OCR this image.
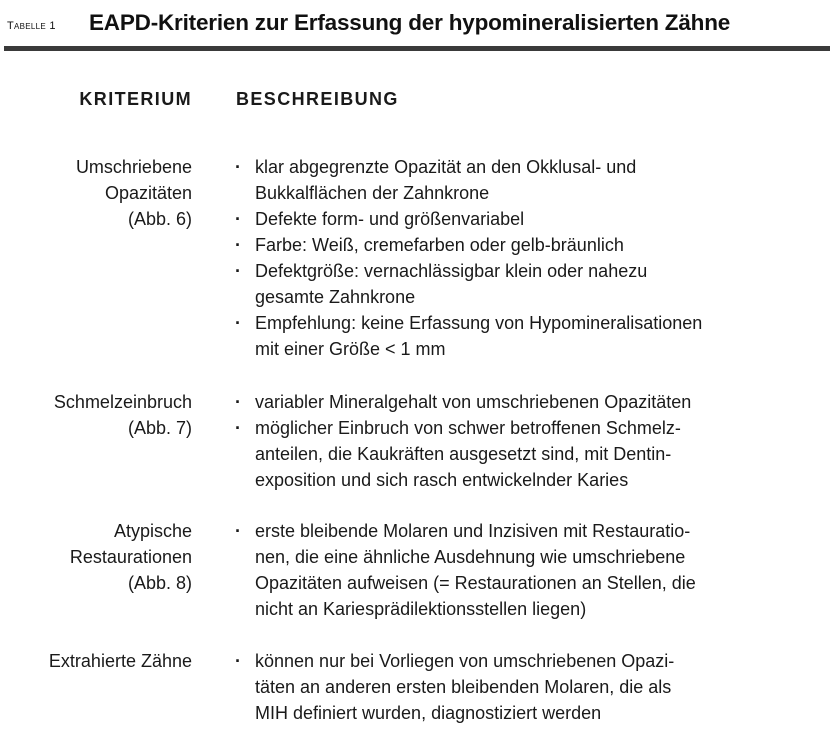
Tabelle 1 EAPD-Kriterien zur Erfassung der hypomineralisierten Zähne
KRITERIUM BESCHREIBUNG
Umschriebene
Opazitäten
(Abb. 6)
· klar abgegrenzte Opazität an den Okklusal- und
Bukkalflächen der Zahnkrone
· Defekte form- und größenvariabel
· Farbe: Weiß, cremefarben oder gelb-bräunlich
· Defektgröße: vernachlässigbar klein oder nahezu
gesamte Zahnkrone
· Empfehlung: keine Erfassung von Hypomineralisationen
mit einer Größe < 1 mm
Schmelzeinbruch
(Abb. 7)
· variabler Mineralgehalt von umschriebenen Opazitäten
· möglicher Einbruch von schwer betroffenen Schmelz-
anteilen, die Kaukräften ausgesetzt sind, mit Dentin-
exposition und sich rasch entwickelnder Karies
Atypische
Restaurationen
(Abb. 8)
· erste bleibende Molaren und Inzisiven mit Restauratio-
nen, die eine ähnliche Ausdehnung wie umschriebene
Opazitäten aufweisen (= Restaurationen an Stellen, die
nicht an Kariesprädilektionsstellen liegen)
Extrahierte Zähne · können nur bei Vorliegen von umschriebenen Opazi-
täten an anderen ersten bleibenden Molaren, die als
MIH definiert wurden, diagnostiziert werden
